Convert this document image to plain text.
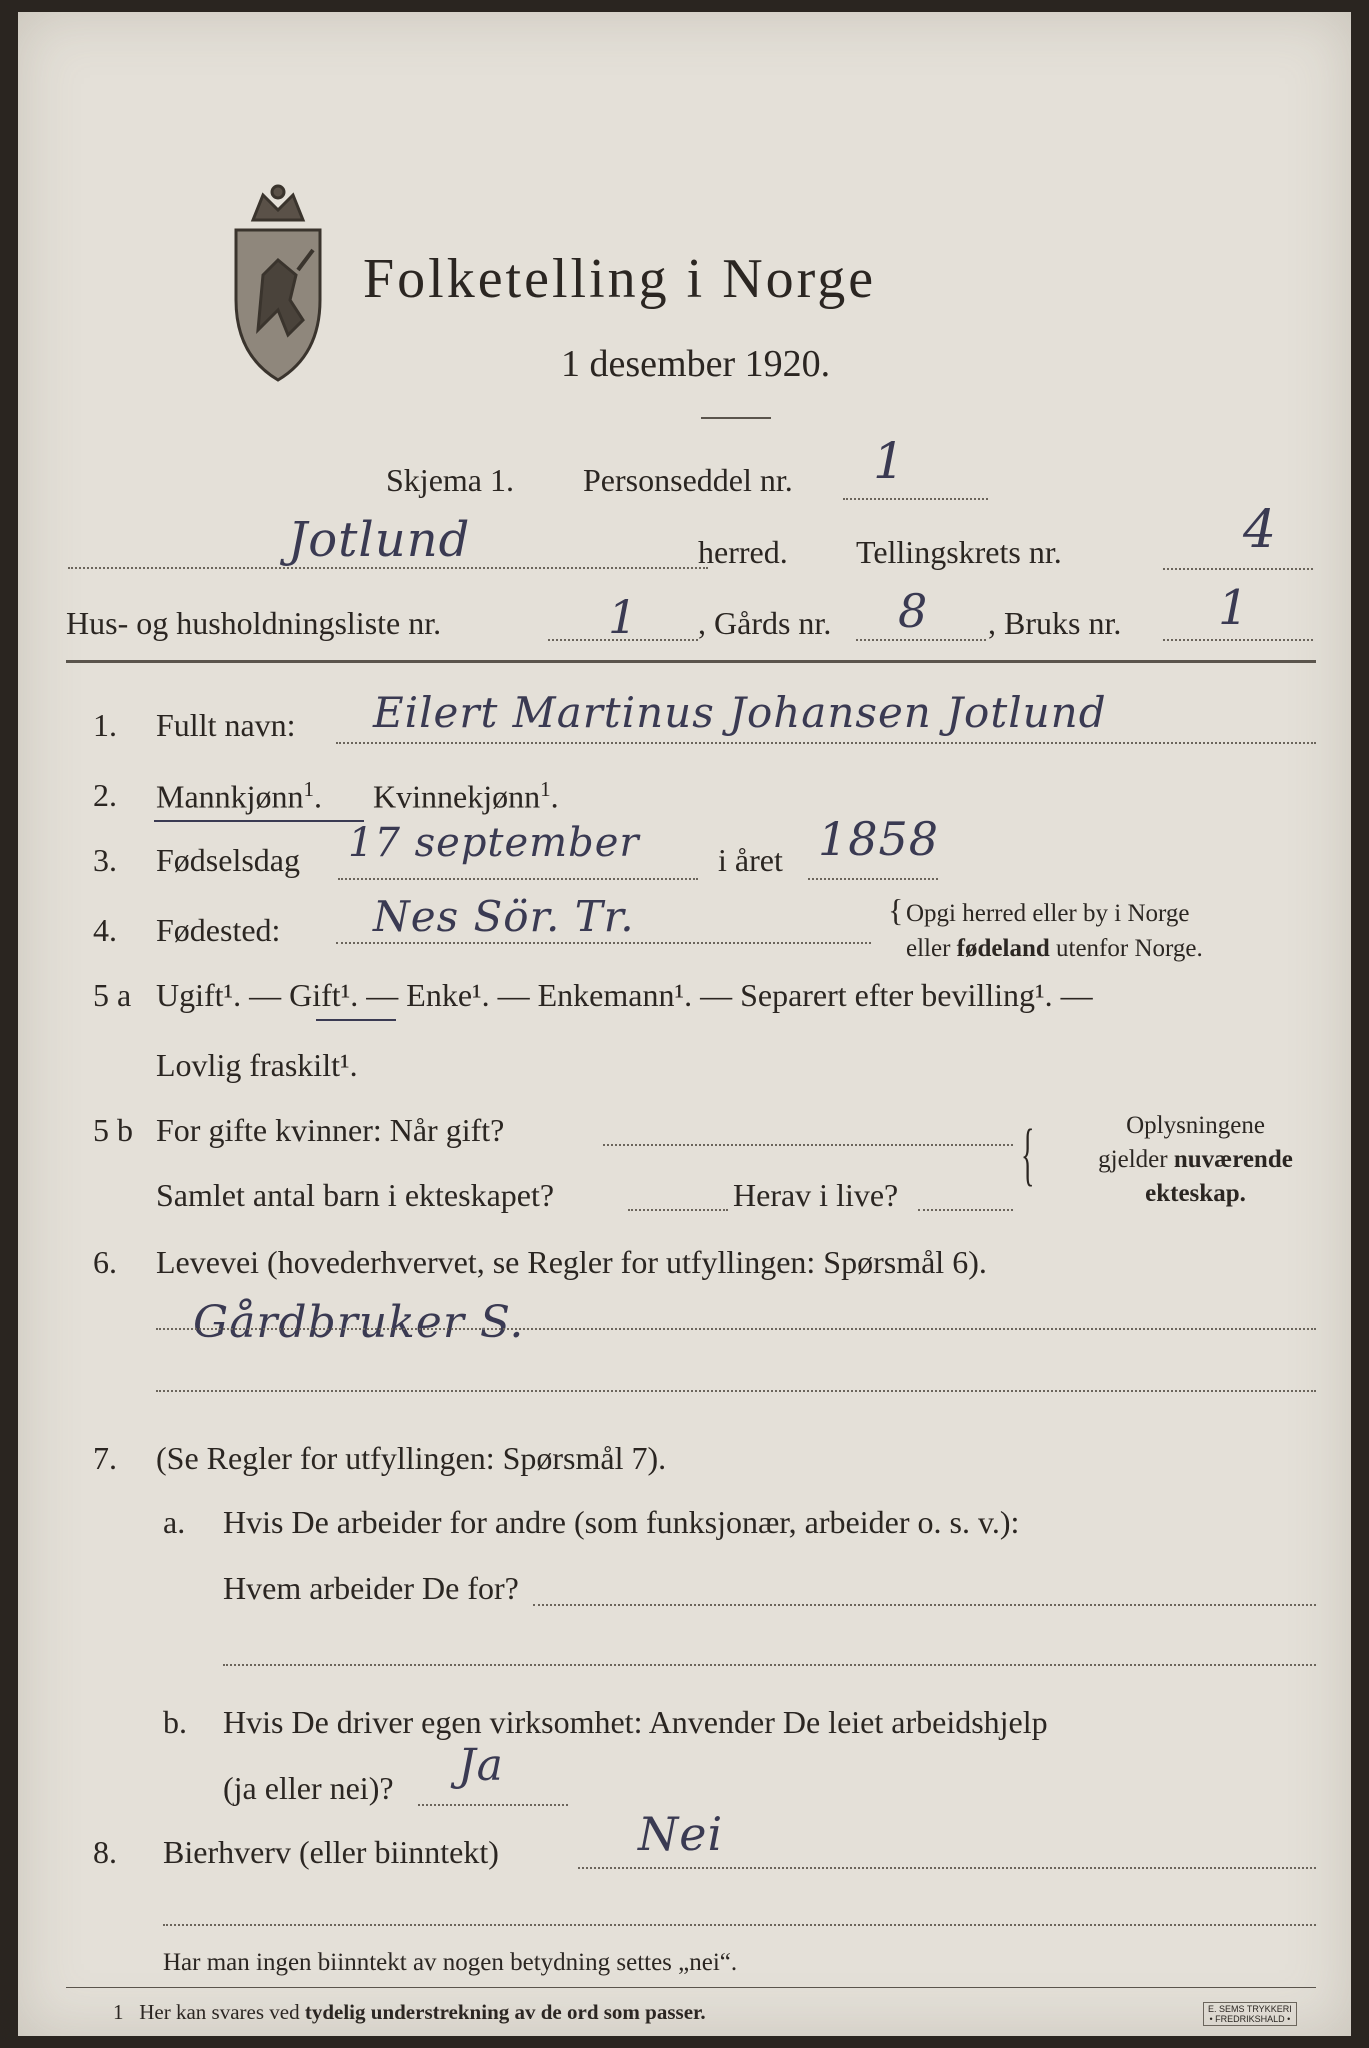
Folketelling i Norge
1 desember 1920.
Skjema 1. Personseddel nr. 1
Jotlund	herred. Tellingskrets nr.	4
Hus- og husholdningsliste nr.	1 , Gårds nr. 8 , Bruks nr. 1
1. Fullt navn: Eilert Martinus Johansen Jotlund
2. Mannkjønn$^1$. Kvinnekjønn$^1$.
3. Fødselsdag 17 september i året 1858
4. Fødested: Nes Sör. Tr.	{ Opgi herred eller by i Norge
eller fødeland utenfor Norge.
5 a Ugift¹. — Gift¹. — Enke¹. — Enkemann¹. — Separert efter bevilling¹. —
Lovlig fraskilt¹.
5 b For gifte kvinner: Når gift?
Samlet antal barn i ekteskapet?	Herav i live?
{	Oplysningene
gjelder nuværende
ekteskap.
6. Levevei (hovederhvervet, se Regler for utfyllingen: Spørsmål 6).
Gårdbruker S.
7. (Se Regler for utfyllingen: Spørsmål 7).
a. Hvis De arbeider for andre (som funksjonær, arbeider o. s. v.):
Hvem arbeider De for?
b. Hvis De driver egen virksomhet: Anvender De leiet arbeidshjelp
(ja eller nei)? Ja
8. Bierhverv (eller biinntekt)	Nei
Har man ingen biinntekt av nogen betydning settes „nei“.
1 Her kan svares ved tydelig understrekning av de ord som passer.	E. SEMS TRYKKERI
• FREDRIKSHALD •
